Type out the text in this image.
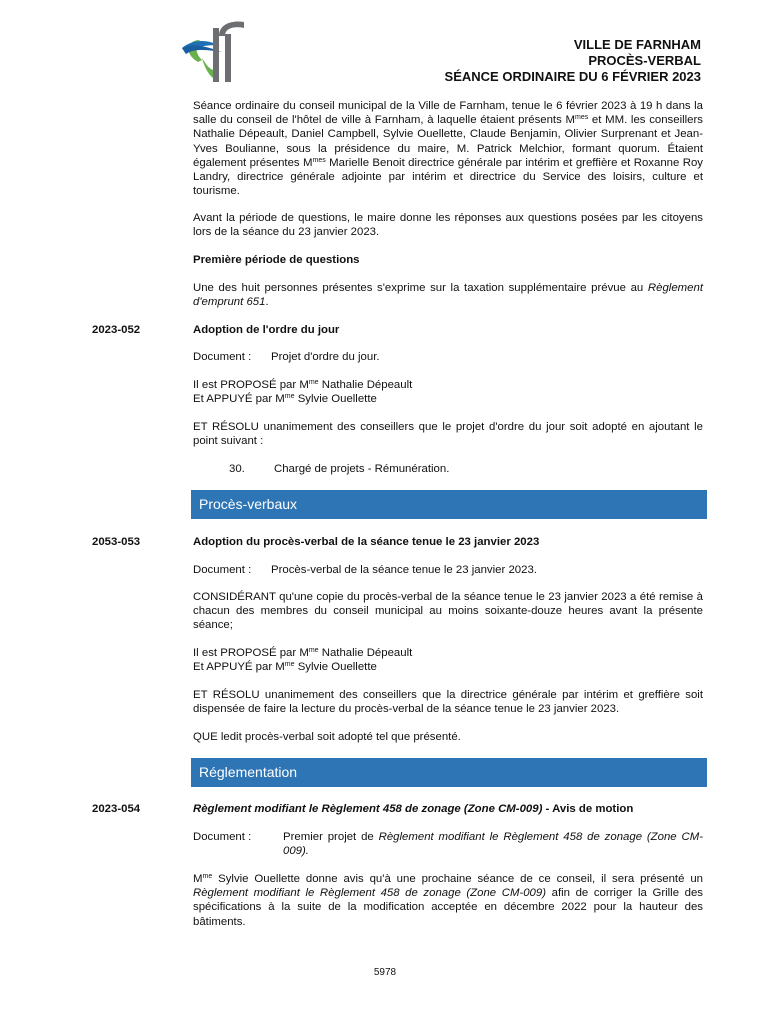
VILLE DE FARNHAM
PROCÈS-VERBAL
SÉANCE ORDINAIRE DU 6 FÉVRIER 2023
Séance ordinaire du conseil municipal de la Ville de Farnham, tenue le 6 février 2023 à 19 h dans la salle du conseil de l'hôtel de ville à Farnham, à laquelle étaient présents $M^{mes}$ et MM. les conseillers Nathalie Dépeault, Daniel Campbell, Sylvie Ouellette, Claude Benjamin, Olivier Surprenant et Jean-Yves Boulianne, sous la présidence du maire, M. Patrick Melchior, formant quorum. Étaient également présentes $M^{mes}$ Marielle Benoit directrice générale par intérim et greffière et Roxanne Roy Landry, directrice générale adjointe par intérim et directrice du Service des loisirs, culture et tourisme.
Avant la période de questions, le maire donne les réponses aux questions posées par les citoyens lors de la séance du 23 janvier 2023.
Première période de questions
Une des huit personnes présentes s'exprime sur la taxation supplémentaire prévue au Règlement d'emprunt 651.
2023-052	Adoption de l'ordre du jour
Document : Projet d'ordre du jour.
Il est PROPOSÉ par $M^{me}$ Nathalie Dépeault
Et APPUYÉ par $M^{me}$ Sylvie Ouellette
ET RÉSOLU unanimement des conseillers que le projet d'ordre du jour soit adopté en ajoutant le point suivant :
30.	Chargé de projets - Rémunération.
Procès-verbaux
2053-053	Adoption du procès-verbal de la séance tenue le 23 janvier 2023
Document : Procès-verbal de la séance tenue le 23 janvier 2023.
CONSIDÉRANT qu'une copie du procès-verbal de la séance tenue le 23 janvier 2023 a été remise à chacun des membres du conseil municipal au moins soixante-douze heures avant la présente séance;
Il est PROPOSÉ par $M^{me}$ Nathalie Dépeault
Et APPUYÉ par $M^{me}$ Sylvie Ouellette
ET RÉSOLU unanimement des conseillers que la directrice générale par intérim et greffière soit dispensée de faire la lecture du procès-verbal de la séance tenue le 23 janvier 2023.
QUE ledit procès-verbal soit adopté tel que présenté.
Réglementation
2023-054	Règlement modifiant le Règlement 458 de zonage (Zone CM-009) - Avis de motion
Document :	Premier projet de Règlement modifiant le Règlement 458 de zonage (Zone CM-009).
$M^{me}$ Sylvie Ouellette donne avis qu'à une prochaine séance de ce conseil, il sera présenté un Règlement modifiant le Règlement 458 de zonage (Zone CM-009) afin de corriger la Grille des spécifications à la suite de la modification acceptée en décembre 2022 pour la hauteur des bâtiments.
5978
